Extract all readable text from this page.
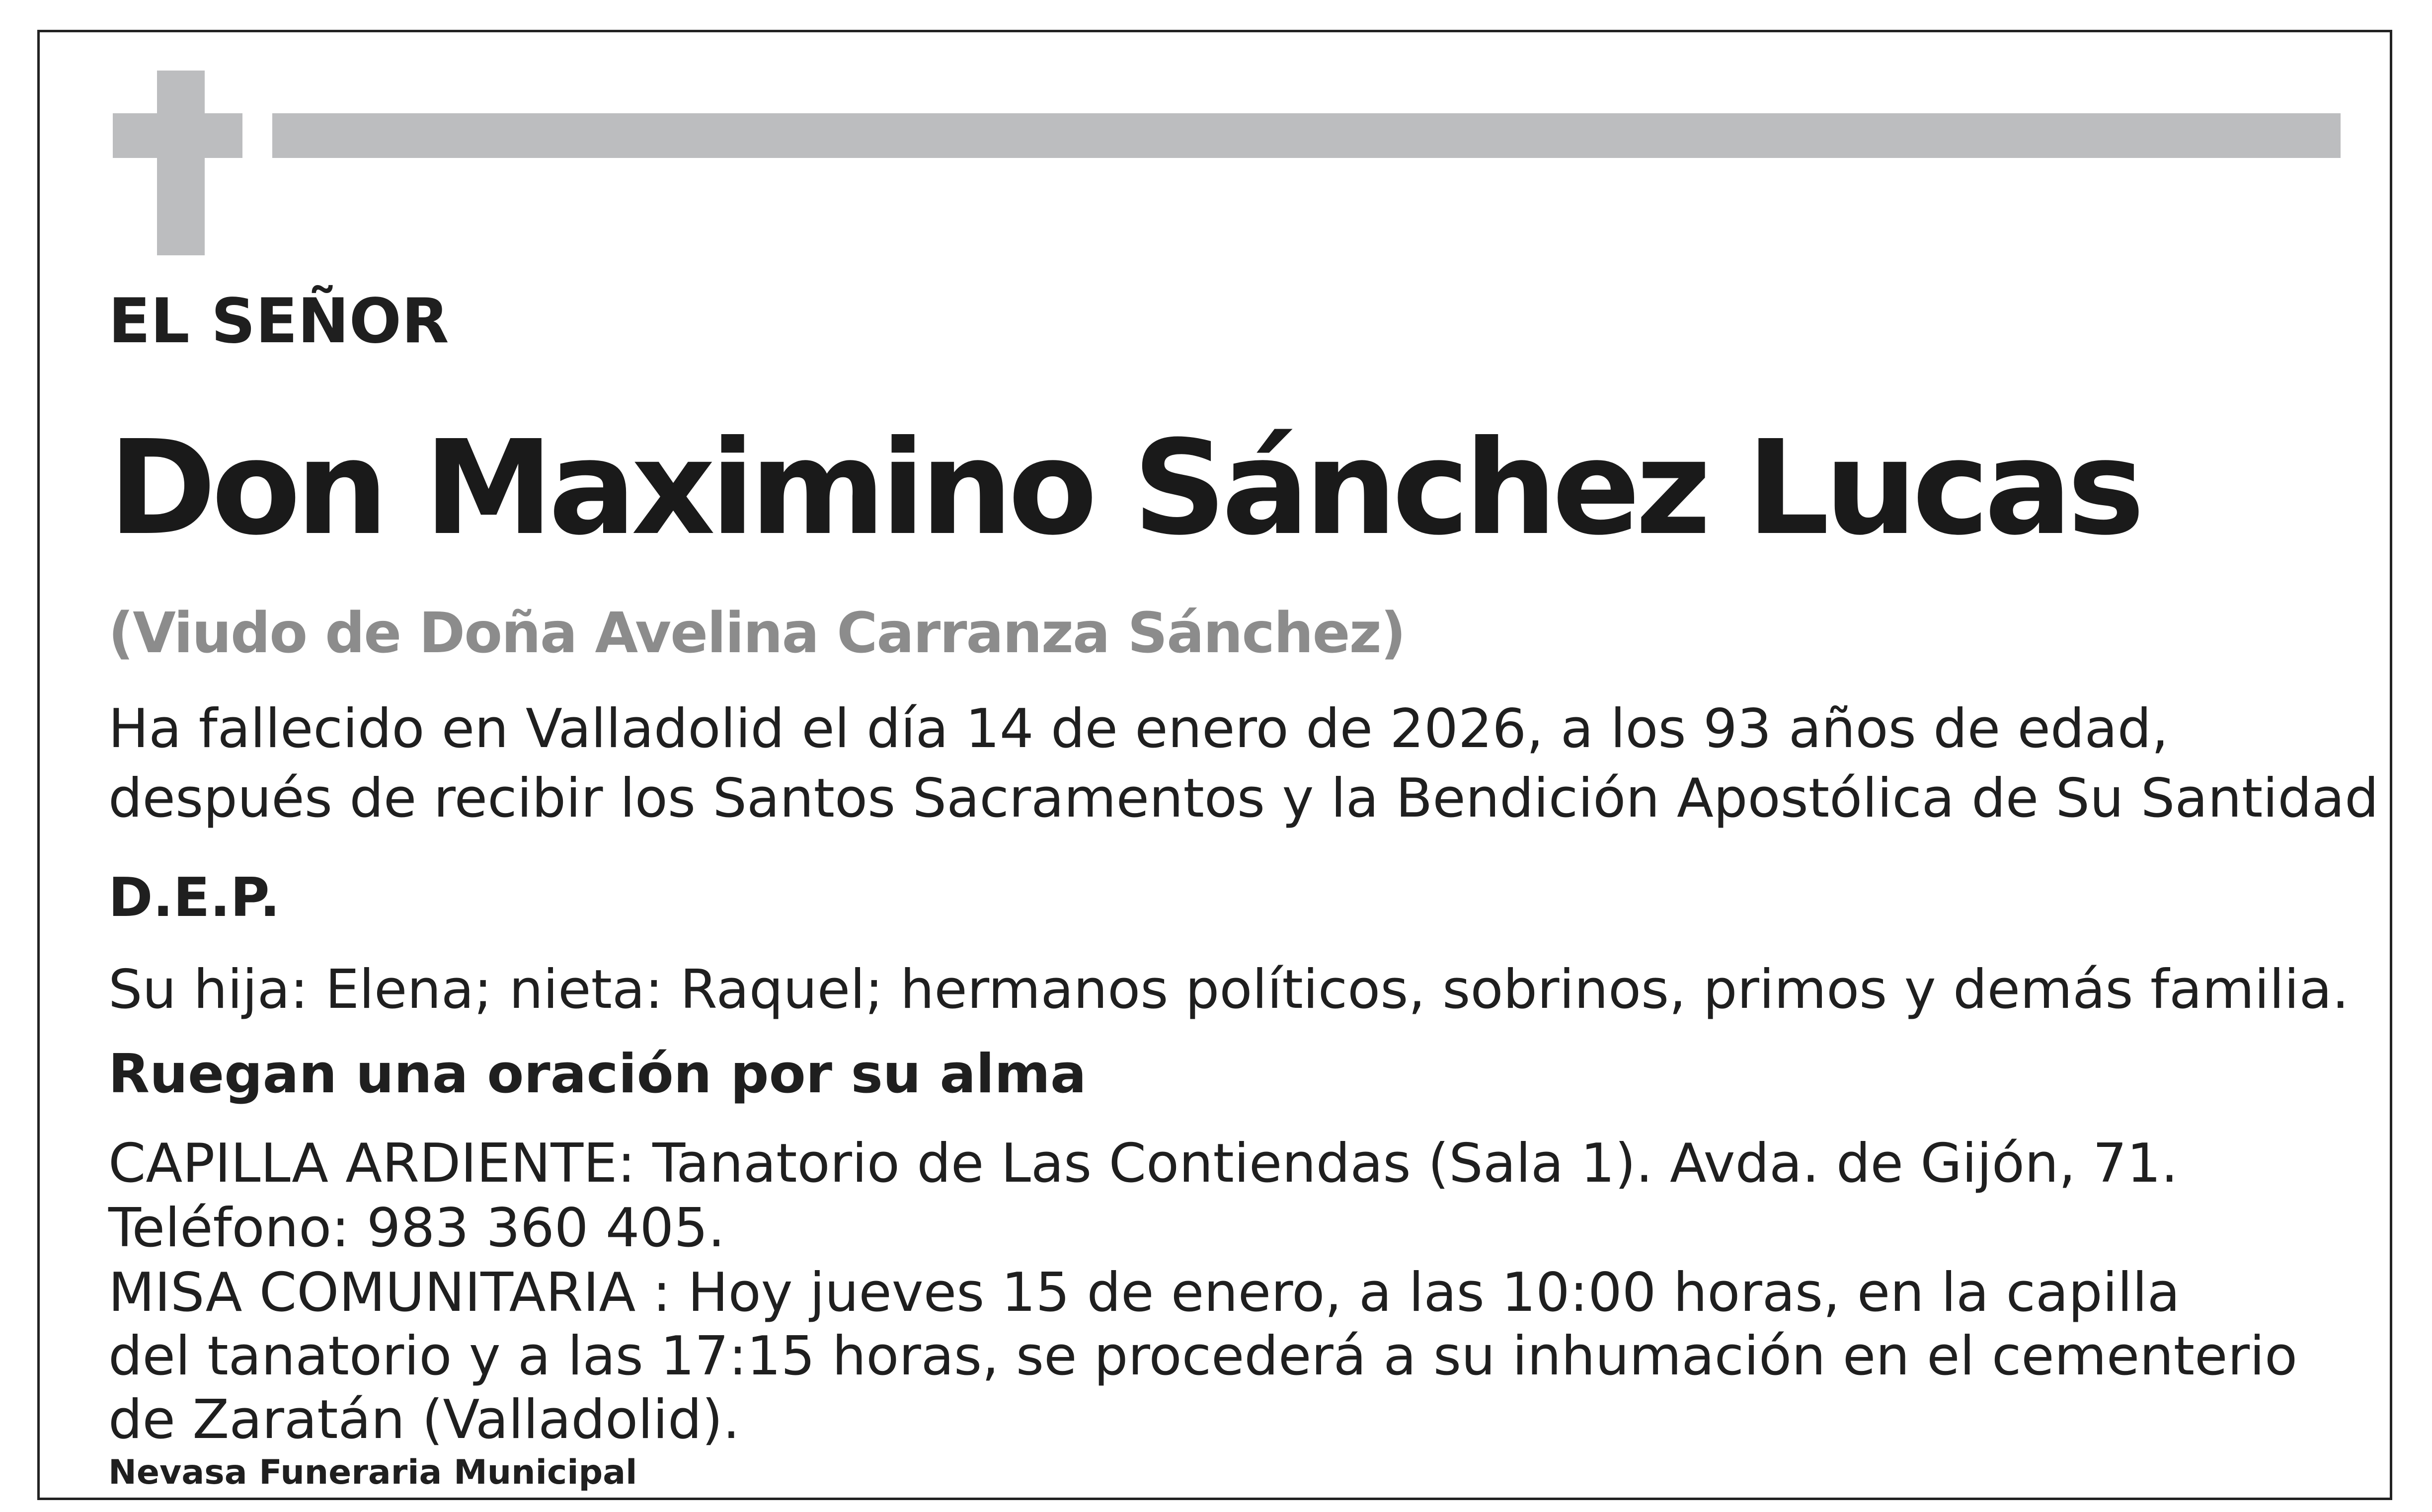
EL SEÑOR
Don Maximino Sánchez Lucas
(Viudo de Doña Avelina Carranza Sánchez)
Ha fallecido en Valladolid el día 14 de enero de 2026, a los 93 años de edad,
después de recibir los Santos Sacramentos y la Bendición Apostólica de Su Santidad
D.E.P.
Su hija: Elena; nieta: Raquel; hermanos políticos, sobrinos, primos y demás familia.
Ruegan una oración por su alma
CAPILLA ARDIENTE: Tanatorio de Las Contiendas (Sala 1). Avda. de Gijón, 71.
Teléfono: 983 360 405.
MISA COMUNITARIA : Hoy jueves 15 de enero, a las 10:00 horas, en la capilla
del tanatorio y a las 17:15 horas, se procederá a su inhumación en el cementerio
de Zaratán (Valladolid).
Nevasa Funeraria Municipal
